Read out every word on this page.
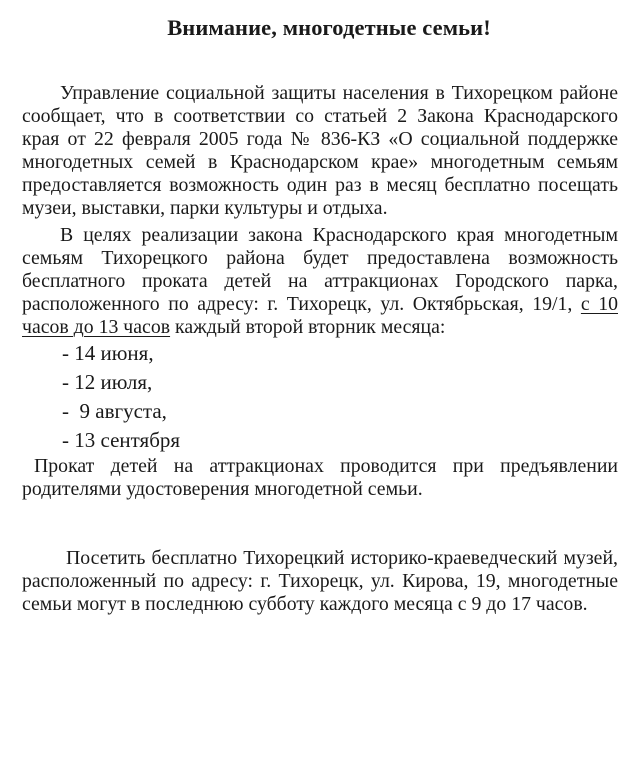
Внимание, многодетные семьи!

Управление социальной защиты населения в Тихорецком районе сообщает, что в соответствии со статьей 2 Закона Краснодарского края от 22 февраля 2005 года № 836-КЗ «О социальной поддержке многодетных семей в Краснодарском крае» многодетным семьям предоставляется возможность один раз в месяц бесплатно посещать музеи, выставки, парки культуры и отдыха.

В целях реализации закона Краснодарского края многодетным семьям Тихорецкого района будет предоставлена возможность бесплатного проката детей на аттракционах Городского парка, расположенного по адресу: г. Тихорецк, ул. Октябрьская, 19/1, с 10 часов до 13 часов каждый второй вторник месяца:

- 14 июня,
- 12 июля,
-  9 августа,
- 13 сентября

Прокат детей на аттракционах проводится при предъявлении родителями удостоверения многодетной семьи.

Посетить бесплатно Тихорецкий историко-краеведческий музей, расположенный по адресу: г. Тихорецк, ул. Кирова, 19, многодетные семьи могут в последнюю субботу каждого месяца с 9 до 17 часов.
